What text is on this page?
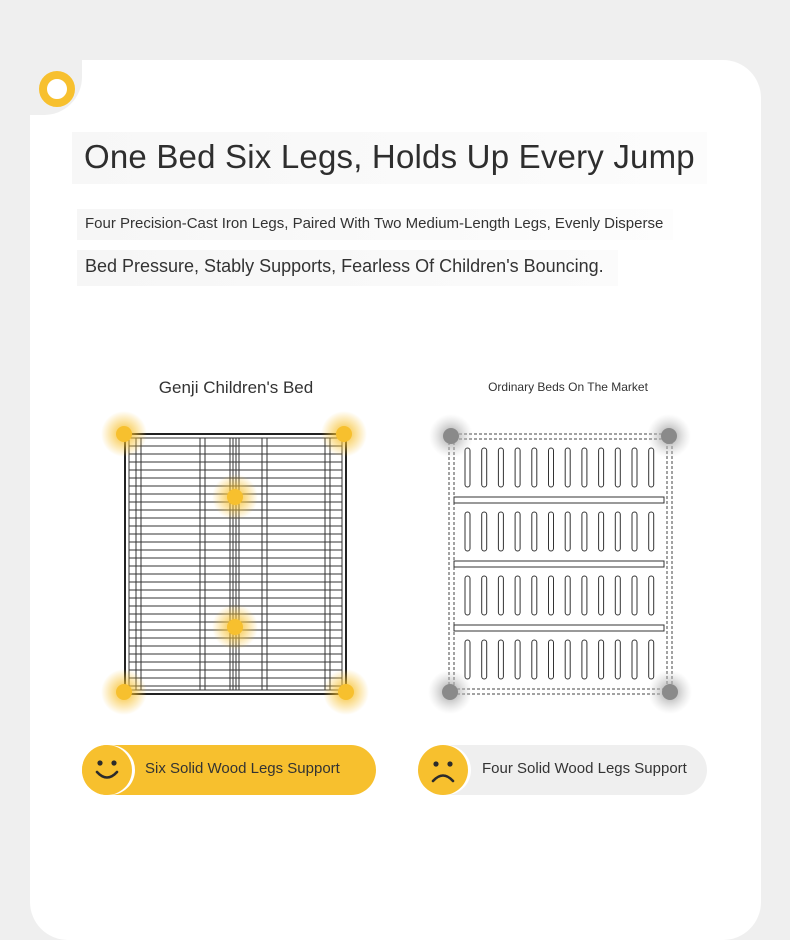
One Bed Six Legs, Holds Up Every Jump
Four Precision-Cast Iron Legs, Paired With Two Medium-Length Legs, Evenly Disperse
Bed Pressure, Stably Supports, Fearless Of Children's Bouncing.
Genji Children's Bed	Ordinary Beds On The Market
Six Solid Wood Legs Support	Four Solid Wood Legs Support
